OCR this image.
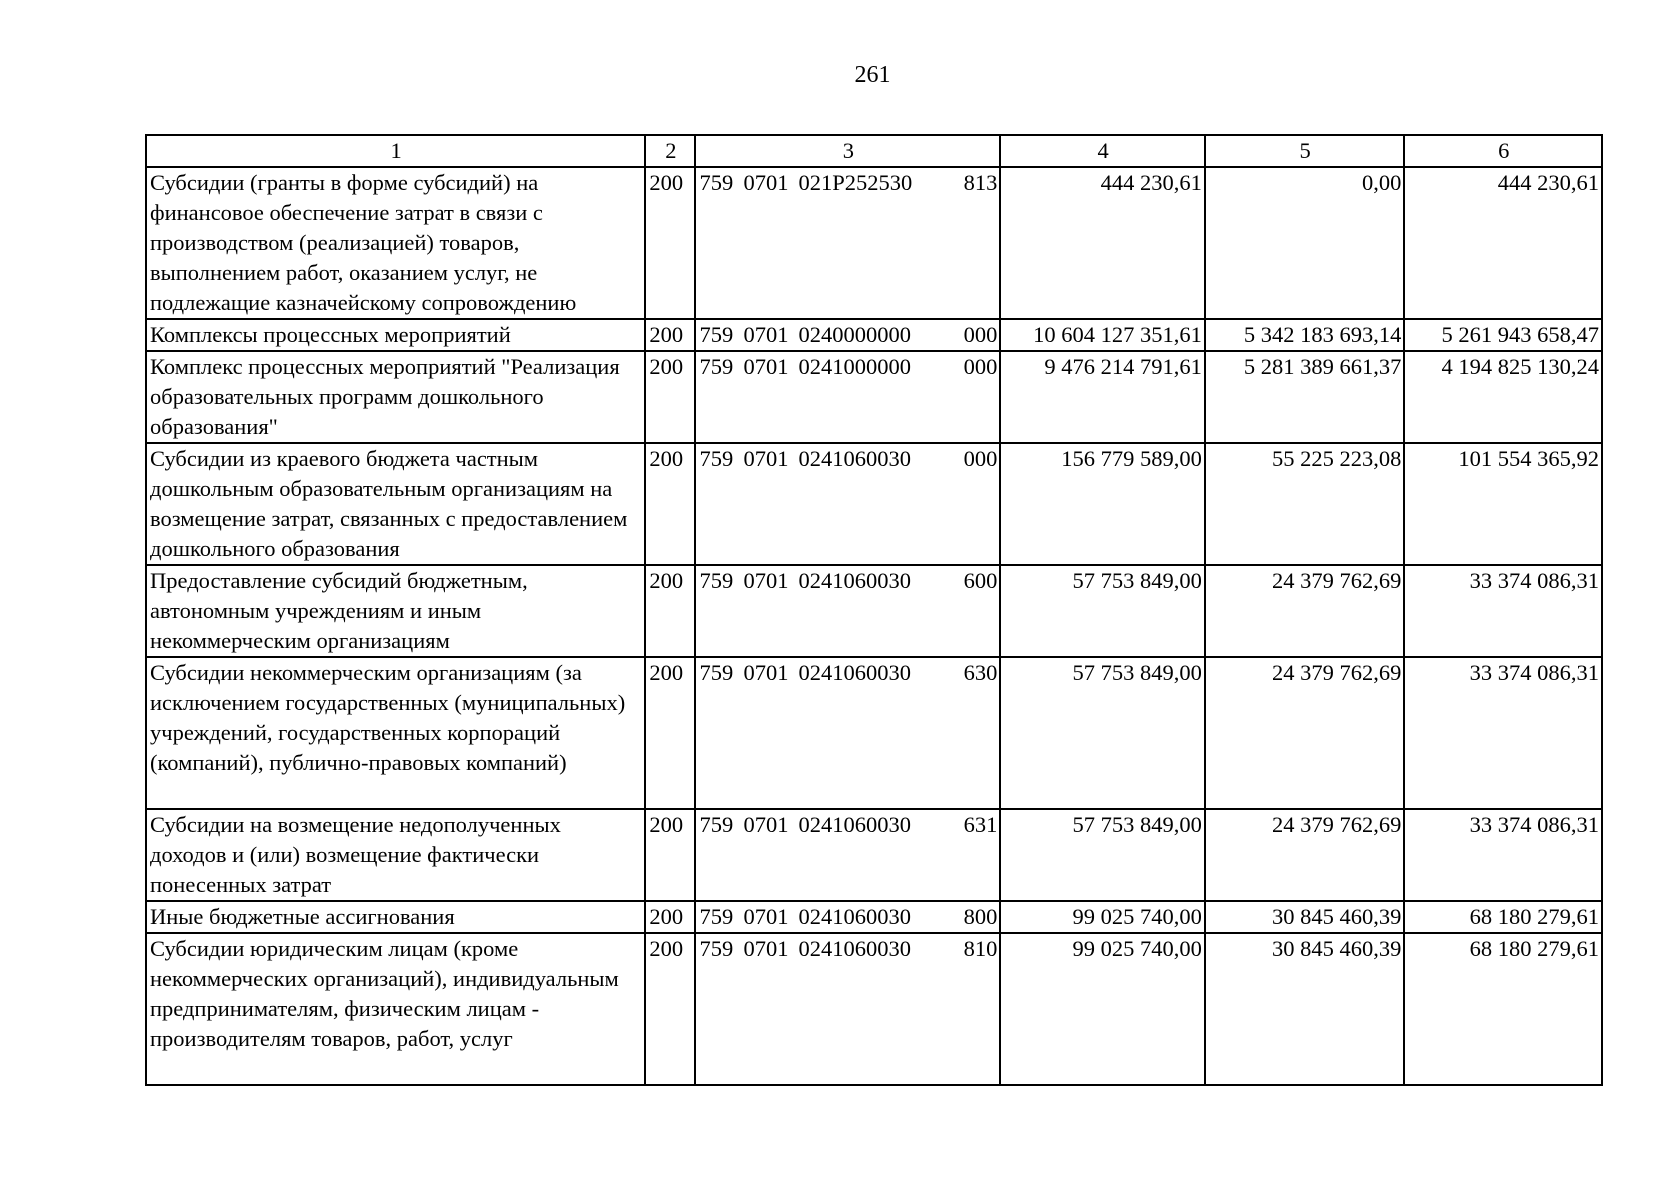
261
1	2	3	4	5	6
Субсидии (гранты в форме субсидий) на финансовое обеспечение затрат в связи с производством (реализацией) товаров, выполнением работ, оказанием услуг, не подлежащие казначейскому сопровождению	200	759 0701 021P252530 813	444 230,61	0,00	444 230,61
Комплексы процессных мероприятий	200	759 0701 0240000000 000	10 604 127 351,61	5 342 183 693,14	5 261 943 658,47
Комплекс процессных мероприятий "Реализация образовательных программ дошкольного образования"	200	759 0701 0241000000 000	9 476 214 791,61	5 281 389 661,37	4 194 825 130,24
Субсидии из краевого бюджета частным дошкольным образовательным организациям на возмещение затрат, связанных с предоставлением дошкольного образования	200	759 0701 0241060030 000	156 779 589,00	55 225 223,08	101 554 365,92
Предоставление субсидий бюджетным, автономным учреждениям и иным некоммерческим организациям	200	759 0701 0241060030 600	57 753 849,00	24 379 762,69	33 374 086,31
Субсидии некоммерческим организациям (за исключением государственных (муниципальных) учреждений, государственных корпораций (компаний), публично-правовых компаний)	200	759 0701 0241060030 630	57 753 849,00	24 379 762,69	33 374 086,31
Субсидии на возмещение недополученных доходов и (или) возмещение фактически понесенных затрат	200	759 0701 0241060030 631	57 753 849,00	24 379 762,69	33 374 086,31
Иные бюджетные ассигнования	200	759 0701 0241060030 800	99 025 740,00	30 845 460,39	68 180 279,61
Субсидии юридическим лицам (кроме некоммерческих организаций), индивидуальным предпринимателям, физическим лицам - производителям товаров, работ, услуг	200	759 0701 0241060030 810	99 025 740,00	30 845 460,39	68 180 279,61
